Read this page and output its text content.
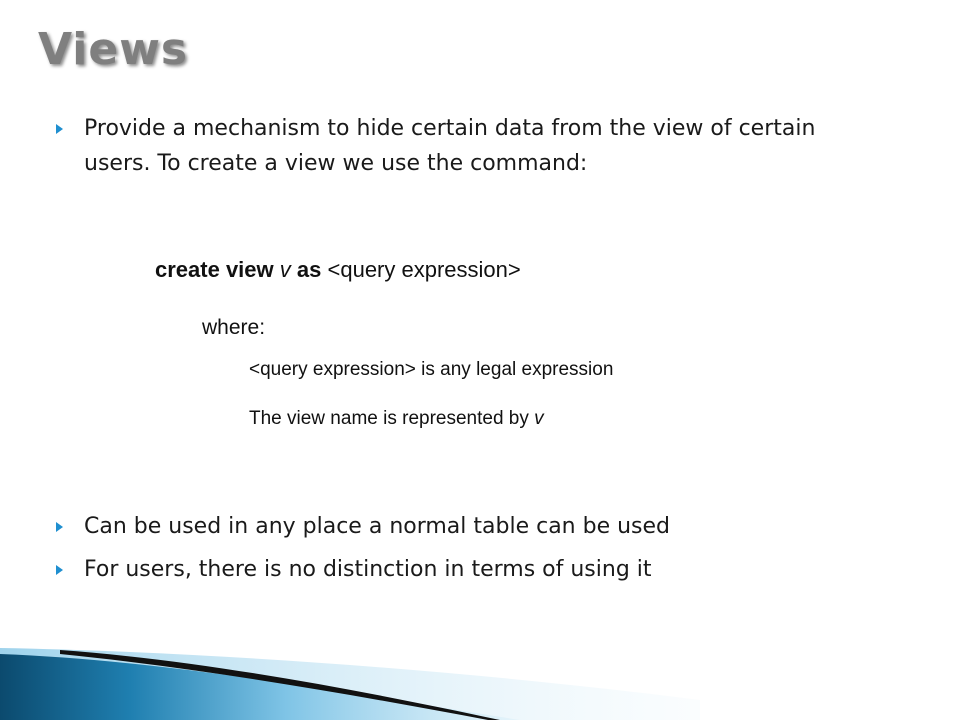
Views
Provide a mechanism to hide certain data from the view of certain users. To create a view we use the command:
create view v as <query expression>
where:
<query expression> is any legal expression
The view name is represented by v
Can be used in any place a normal table can be used
For users, there is no distinction in terms of using it
